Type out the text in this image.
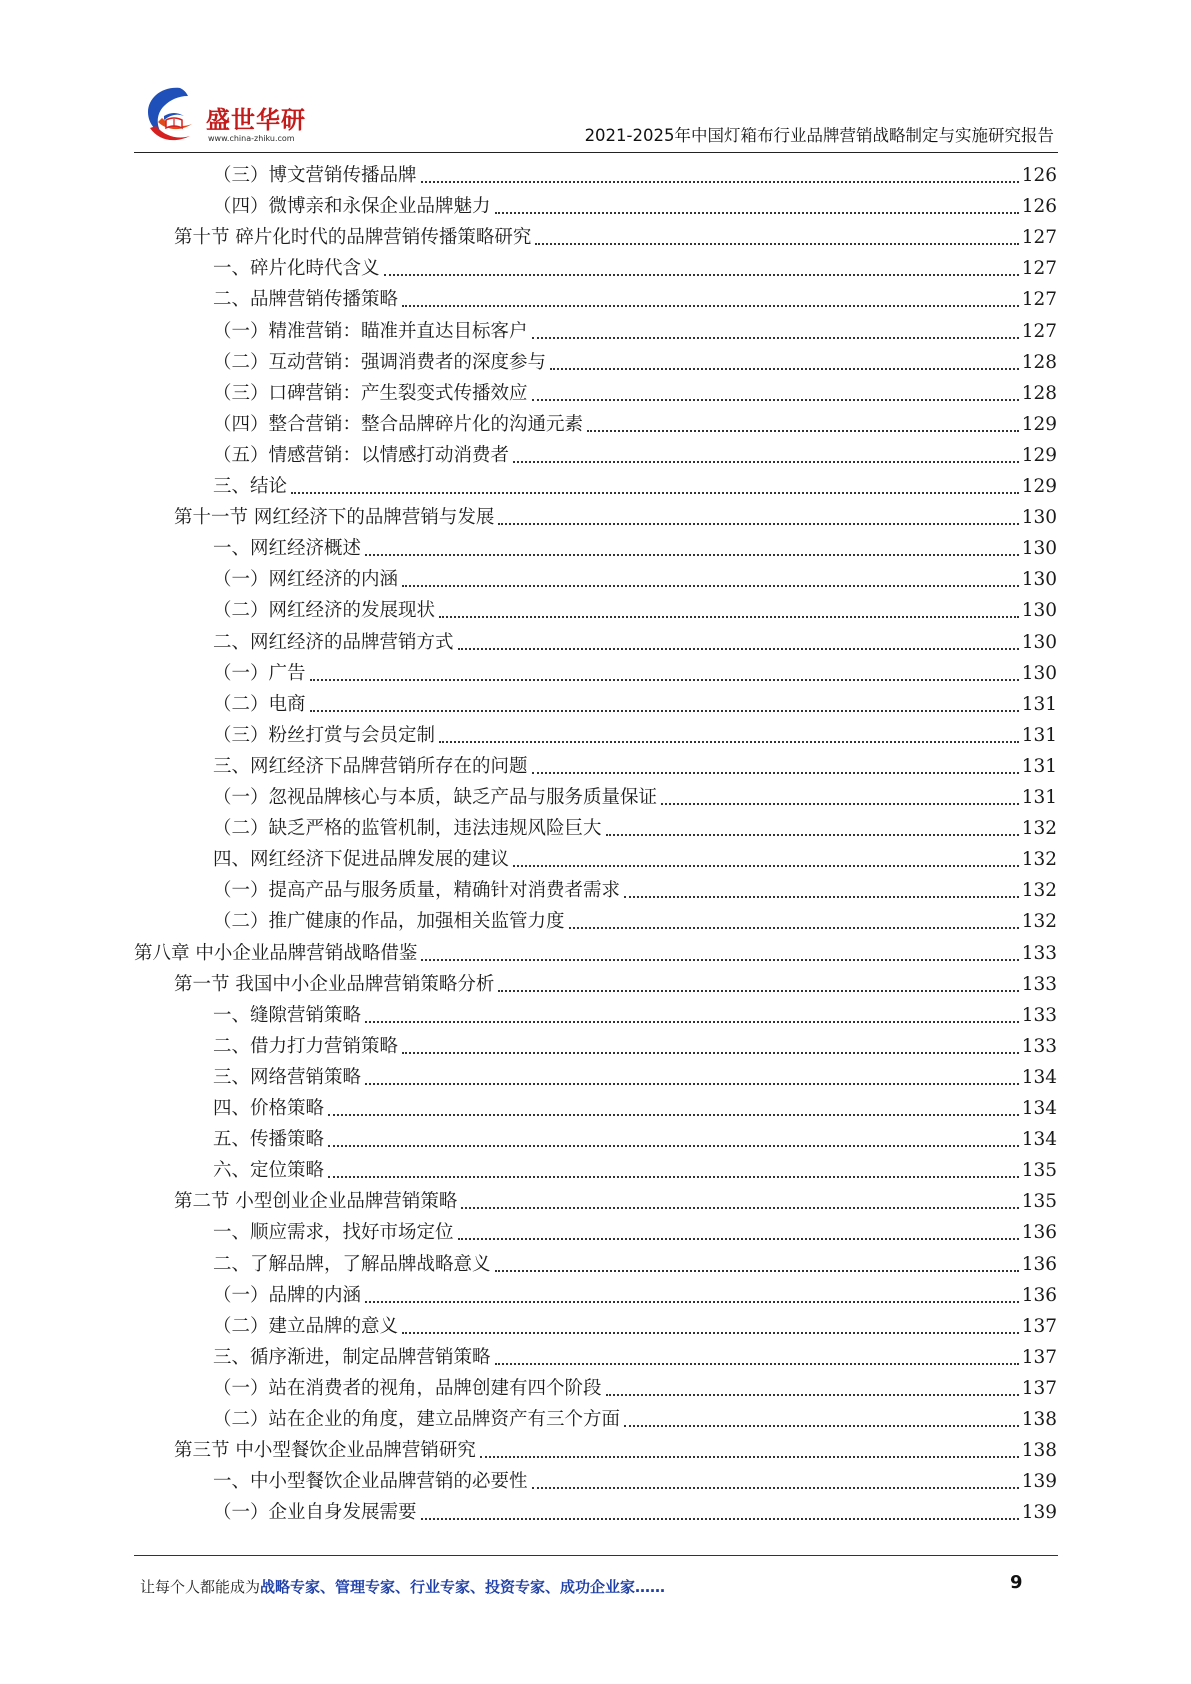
盛世华研
www.china-zhiku.com	2021-2025年中国灯箱布行业品牌营销战略制定与实施研究报告
（三）博文营销传播品牌	126
（四）微博亲和永保企业品牌魅力	126
第十节 碎片化时代的品牌营销传播策略研究	127
一、碎片化時代含义	127
二、品牌营销传播策略	127
（一）精准营销：瞄准并直达目标客户	127
（二）互动营销：强调消费者的深度参与	128
（三）口碑营销：产生裂变式传播效应	128
（四）整合营销：整合品牌碎片化的沟通元素	129
（五）情感营销：以情感打动消费者	129
三、结论	129
第十一节 网红经济下的品牌营销与发展	130
一、网红经济概述	130
（一）网红经济的内涵	130
（二）网红经济的发展现状	130
二、网红经济的品牌营销方式	130
（一）广告	130
（二）电商	131
（三）粉丝打赏与会员定制	131
三、网红经济下品牌营销所存在的问题	131
（一）忽视品牌核心与本质，缺乏产品与服务质量保证	131
（二）缺乏严格的监管机制，违法违规风险巨大	132
四、网红经济下促进品牌发展的建议	132
（一）提高产品与服务质量，精确针对消费者需求	132
（二）推广健康的作品，加强相关监管力度	132
第八章 中小企业品牌营销战略借鉴	133
第一节 我国中小企业品牌营销策略分析	133
一、缝隙营销策略	133
二、借力打力营销策略	133
三、网络营销策略	134
四、价格策略	134
五、传播策略	134
六、定位策略	135
第二节 小型创业企业品牌营销策略	135
一、顺应需求，找好市场定位	136
二、了解品牌，了解品牌战略意义	136
（一）品牌的内涵	136
（二）建立品牌的意义	137
三、循序渐进，制定品牌营销策略	137
（一）站在消费者的视角，品牌创建有四个阶段	137
（二）站在企业的角度，建立品牌资产有三个方面	138
第三节 中小型餐饮企业品牌营销研究	138
一、中小型餐饮企业品牌营销的必要性	139
（一）企业自身发展需要	139
让每个人都能成为战略专家、管理专家、行业专家、投资专家、成功企业家……	9
